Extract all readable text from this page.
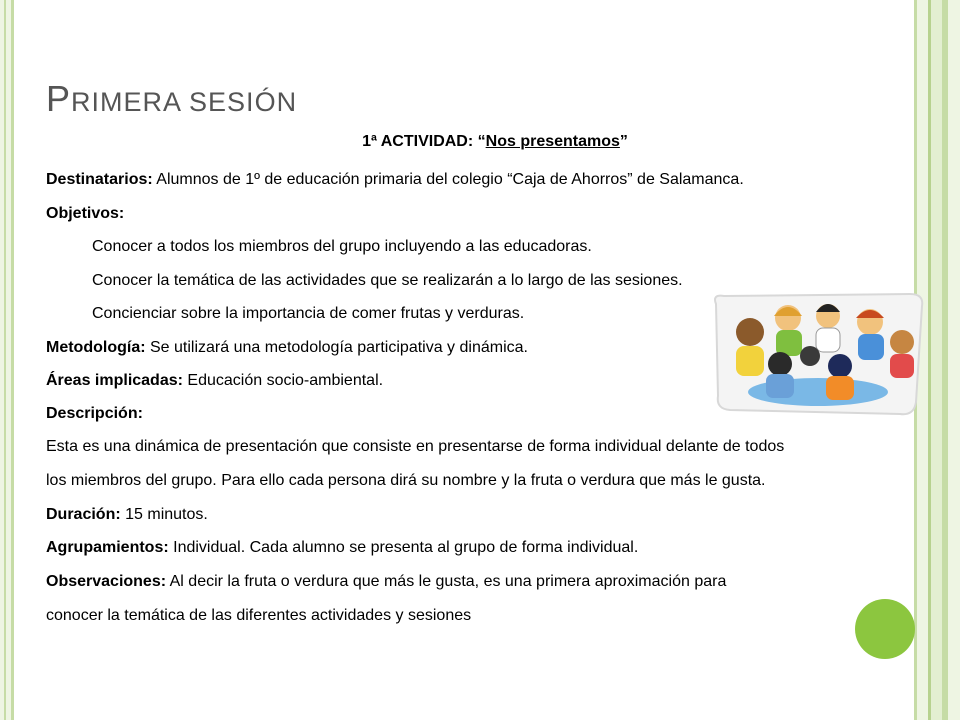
PRIMERA SESIÓN
1ª ACTIVIDAD: “Nos presentamos”
Destinatarios: Alumnos de 1º de educación primaria del colegio “Caja de Ahorros” de Salamanca.
Objetivos:
Conocer a todos los miembros del grupo incluyendo a las educadoras.
Conocer la temática de las actividades que se realizarán a lo largo de las sesiones.
Concienciar sobre la importancia de comer frutas y verduras.
Metodología: Se utilizará una metodología participativa y dinámica.
Áreas implicadas: Educación socio-ambiental.
Descripción:
Esta es una dinámica de presentación que consiste en presentarse de forma individual delante de todos
los miembros del grupo. Para ello cada persona dirá su nombre y la fruta o verdura que más le gusta.
Duración: 15 minutos.
Agrupamientos: Individual. Cada alumno se presenta al grupo de forma individual.
Observaciones: Al decir la fruta o verdura que más le gusta, es una primera aproximación para
conocer la temática de las diferentes actividades y sesiones
